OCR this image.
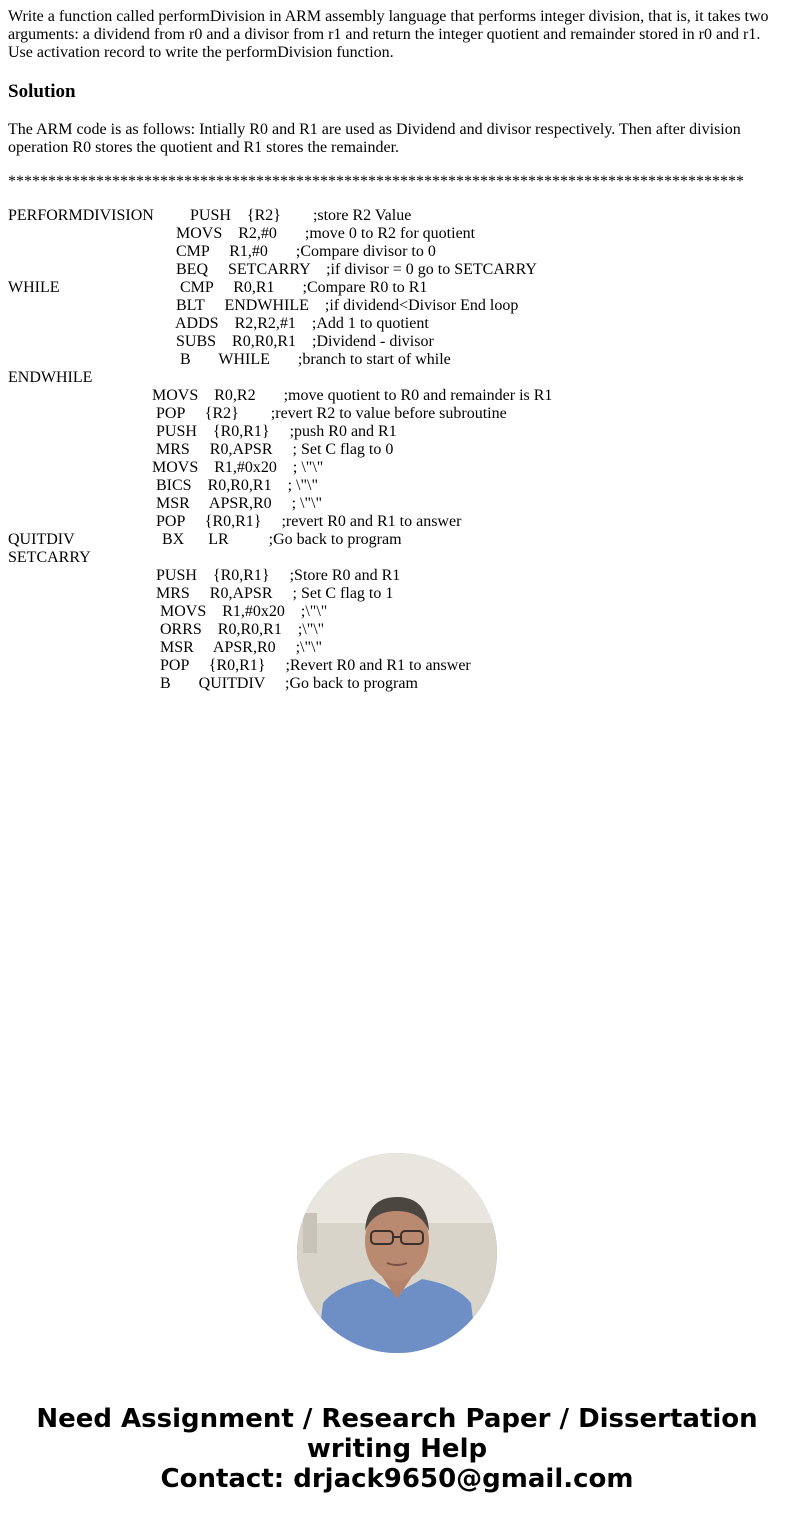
Write a function called performDivision in ARM assembly language that performs integer division, that is, it takes two arguments: a dividend from r0 and a divisor from r1 and return the integer quotient and remainder stored in r0 and r1. Use activation record to write the performDivision function.

Solution

The ARM code is as follows: Intially R0 and R1 are used as Dividend and divisor respectively. Then after division operation R0 stores the quotient and R1 stores the remainder.

********************************************************************************************

PERFORMDIVISION PUSH    {R2}        ;store R2 Value
MOVS    R2,#0       ;move 0 to R2 for quotient
CMP     R1,#0       ;Compare divisor to 0
BEQ     SETCARRY    ;if divisor = 0 go to SETCARRY
WHILE	CMP     R0,R1       ;Compare R0 to R1
BLT     ENDWHILE    ;if dividend<Divisor End loop
ADDS    R2,R2,#1    ;Add 1 to quotient
SUBS    R0,R0,R1    ;Dividend - divisor
B       WHILE       ;branch to start of while
ENDWHILE
MOVS    R0,R2       ;move quotient to R0 and remainder is R1
POP     {R2}        ;revert R2 to value before subroutine
PUSH    {R0,R1}     ;push R0 and R1
MRS     R0,APSR     ; Set C flag to 0
MOVS    R1,#0x20    ; \"\"
BICS    R0,R0,R1    ; \"\"
MSR     APSR,R0     ; \"\"
POP     {R0,R1}     ;revert R0 and R1 to answer
QUITDIV	BX      LR          ;Go back to program
SETCARRY
PUSH    {R0,R1}     ;Store R0 and R1
MRS     R0,APSR     ; Set C flag to 1
MOVS    R1,#0x20    ;\"\"
ORRS    R0,R0,R1    ;\"\"
MSR     APSR,R0     ;\"\"
POP     {R0,R1}     ;Revert R0 and R1 to answer
B       QUITDIV     ;Go back to program

Need Assignment / Research Paper / Dissertation
writing Help
Contact: drjack9650@gmail.com
